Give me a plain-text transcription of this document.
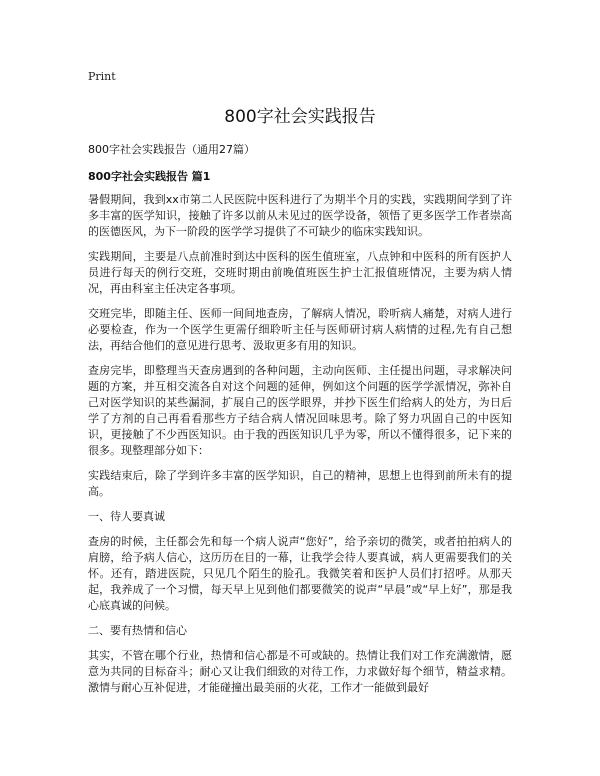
Print
800字社会实践报告
800字社会实践报告（通用27篇）
800字社会实践报告 篇1

暑假期间，我到xx市第二人民医院中医科进行了为期半个月的实践，实践期间学到了许多丰富的医学知识，接触了许多以前从未见过的医学设备，领悟了更多医学工作者崇高的医德医风，为下一阶段的医学学习提供了不可缺少的临床实践知识。

实践期间，主要是八点前准时到达中医科的医生值班室，八点钟和中医科的所有医护人员进行每天的例行交班，交班时期由前晚值班医生护士汇报值班情况，主要为病人情况，再由科室主任决定各事项。

交班完毕，即随主任、医师一间间地查房，了解病人情况，聆听病人痛楚，对病人进行必要检查，作为一个医学生更需仔细聆听主任与医师研讨病人病情的过程,先有自己想法，再结合他们的意见进行思考、汲取更多有用的知识。

查房完毕，即整理当天查房遇到的各种问题，主动向医师、主任提出问题，寻求解决问题的方案，并互相交流各自对这个问题的延伸，例如这个问题的医学学派情况，弥补自己对医学知识的某些漏洞，扩展自己的医学眼界，并抄下医生们给病人的处方，为日后学了方剂的自己再看看那些方子结合病人情况回味思考。除了努力巩固自己的中医知识，更接触了不少西医知识。由于我的西医知识几乎为零，所以不懂得很多，记下来的很多。现整理部分如下：

实践结束后，除了学到许多丰富的医学知识，自己的精神，思想上也得到前所未有的提高。

一、待人要真诚

查房的时候，主任都会先和每一个病人说声“您好”，给予亲切的微笑，或者拍拍病人的肩膀，给予病人信心，这历历在目的一幕，让我学会待人要真诚，病人更需要我们的关怀。还有，踏进医院，只见几个陌生的脸孔。我微笑着和医护人员们打招呼。从那天起，我养成了一个习惯，每天早上见到他们都要微笑的说声“早晨”或“早上好”，那是我心底真诚的问候。

二、要有热情和信心

其实，不管在哪个行业，热情和信心都是不可或缺的。热情让我们对工作充满激情，愿意为共同的目标奋斗；耐心又让我们细致的对待工作，力求做好每个细节，精益求精。激情与耐心互补促进，才能碰撞出最美丽的火花，工作才一能做到最好
